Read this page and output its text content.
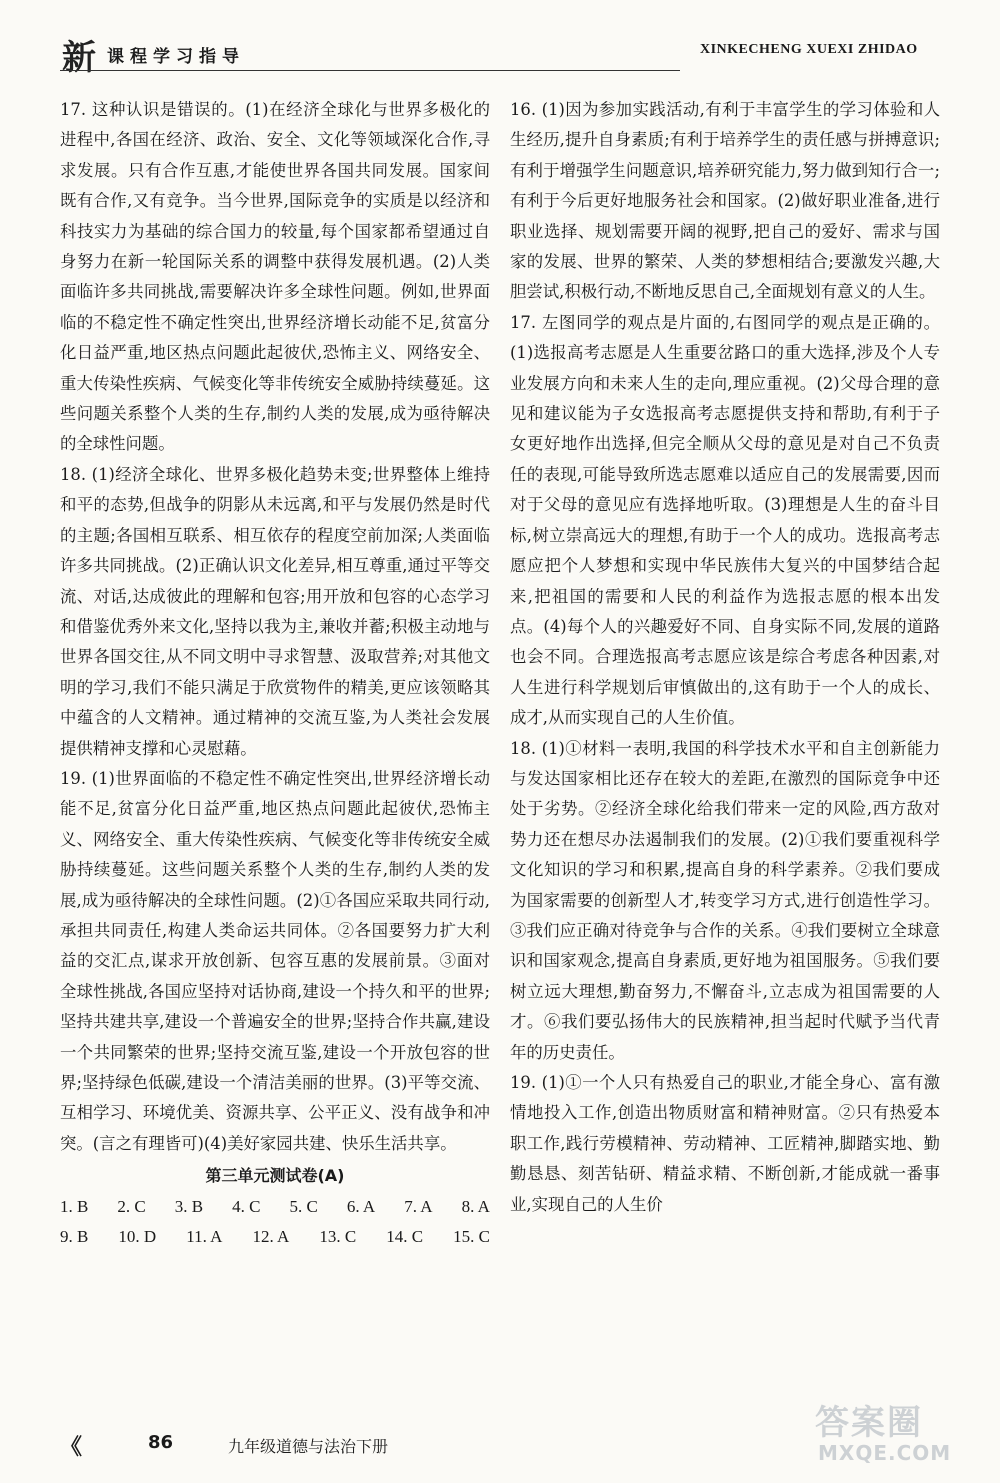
新 课程学习指导	XINKECHENG XUEXI ZHIDAO

17. 这种认识是错误的。(1)在经济全球化与世界多极化的进程中,各国在经济、政治、安全、文化等领域深化合作,寻求发展。只有合作互惠,才能使世界各国共同发展。国家间既有合作,又有竞争。当今世界,国际竞争的实质是以经济和科技实力为基础的综合国力的较量,每个国家都希望通过自身努力在新一轮国际关系的调整中获得发展机遇。(2)人类面临许多共同挑战,需要解决许多全球性问题。例如,世界面临的不稳定性不确定性突出,世界经济增长动能不足,贫富分化日益严重,地区热点问题此起彼伏,恐怖主义、网络安全、重大传染性疾病、气候变化等非传统安全威胁持续蔓延。这些问题关系整个人类的生存,制约人类的发展,成为亟待解决的全球性问题。

18. (1)经济全球化、世界多极化趋势未变;世界整体上维持和平的态势,但战争的阴影从未远离,和平与发展仍然是时代的主题;各国相互联系、相互依存的程度空前加深;人类面临许多共同挑战。(2)正确认识文化差异,相互尊重,通过平等交流、对话,达成彼此的理解和包容;用开放和包容的心态学习和借鉴优秀外来文化,坚持以我为主,兼收并蓄;积极主动地与世界各国交往,从不同文明中寻求智慧、汲取营养;对其他文明的学习,我们不能只满足于欣赏物件的精美,更应该领略其中蕴含的人文精神。通过精神的交流互鉴,为人类社会发展提供精神支撑和心灵慰藉。

19. (1)世界面临的不稳定性不确定性突出,世界经济增长动能不足,贫富分化日益严重,地区热点问题此起彼伏,恐怖主义、网络安全、重大传染性疾病、气候变化等非传统安全威胁持续蔓延。这些问题关系整个人类的生存,制约人类的发展,成为亟待解决的全球性问题。(2)①各国应采取共同行动,承担共同责任,构建人类命运共同体。②各国要努力扩大利益的交汇点,谋求开放创新、包容互惠的发展前景。③面对全球性挑战,各国应坚持对话协商,建设一个持久和平的世界;坚持共建共享,建设一个普遍安全的世界;坚持合作共赢,建设一个共同繁荣的世界;坚持交流互鉴,建设一个开放包容的世界;坚持绿色低碳,建设一个清洁美丽的世界。(3)平等交流、互相学习、环境优美、资源共享、公平正义、没有战争和冲突。(言之有理皆可)(4)美好家园共建、快乐生活共享。

第三单元测试卷(A)
1. B 2. C 3. B 4. C 5. C 6. A 7. A 8. A
9. B 10. D 11. A 12. A 13. C 14. C 15. C

16. (1)因为参加实践活动,有利于丰富学生的学习体验和人生经历,提升自身素质;有利于培养学生的责任感与拼搏意识;有利于增强学生问题意识,培养研究能力,努力做到知行合一;有利于今后更好地服务社会和国家。(2)做好职业准备,进行职业选择、规划需要开阔的视野,把自己的爱好、需求与国家的发展、世界的繁荣、人类的梦想相结合;要激发兴趣,大胆尝试,积极行动,不断地反思自己,全面规划有意义的人生。

17. 左图同学的观点是片面的,右图同学的观点是正确的。(1)选报高考志愿是人生重要岔路口的重大选择,涉及个人专业发展方向和未来人生的走向,理应重视。(2)父母合理的意见和建议能为子女选报高考志愿提供支持和帮助,有利于子女更好地作出选择,但完全顺从父母的意见是对自己不负责任的表现,可能导致所选志愿难以适应自己的发展需要,因而对于父母的意见应有选择地听取。(3)理想是人生的奋斗目标,树立崇高远大的理想,有助于一个人的成功。选报高考志愿应把个人梦想和实现中华民族伟大复兴的中国梦结合起来,把祖国的需要和人民的利益作为选报志愿的根本出发点。(4)每个人的兴趣爱好不同、自身实际不同,发展的道路也会不同。合理选报高考志愿应该是综合考虑各种因素,对人生进行科学规划后审慎做出的,这有助于一个人的成长、成才,从而实现自己的人生价值。

18. (1)①材料一表明,我国的科学技术水平和自主创新能力与发达国家相比还存在较大的差距,在激烈的国际竞争中还处于劣势。②经济全球化给我们带来一定的风险,西方敌对势力还在想尽办法遏制我们的发展。(2)①我们要重视科学文化知识的学习和积累,提高自身的科学素养。②我们要成为国家需要的创新型人才,转变学习方式,进行创造性学习。③我们应正确对待竞争与合作的关系。④我们要树立全球意识和国家观念,提高自身素质,更好地为祖国服务。⑤我们要树立远大理想,勤奋努力,不懈奋斗,立志成为祖国需要的人才。⑥我们要弘扬伟大的民族精神,担当起时代赋予当代青年的历史责任。

19. (1)①一个人只有热爱自己的职业,才能全身心、富有激情地投入工作,创造出物质财富和精神财富。②只有热爱本职工作,践行劳模精神、劳动精神、工匠精神,脚踏实地、勤勤恳恳、刻苦钻研、精益求精、不断创新,才能成就一番事业,实现自己的人生价

《	86	九年级道德与法治下册
答案圈
MXQE.COM
